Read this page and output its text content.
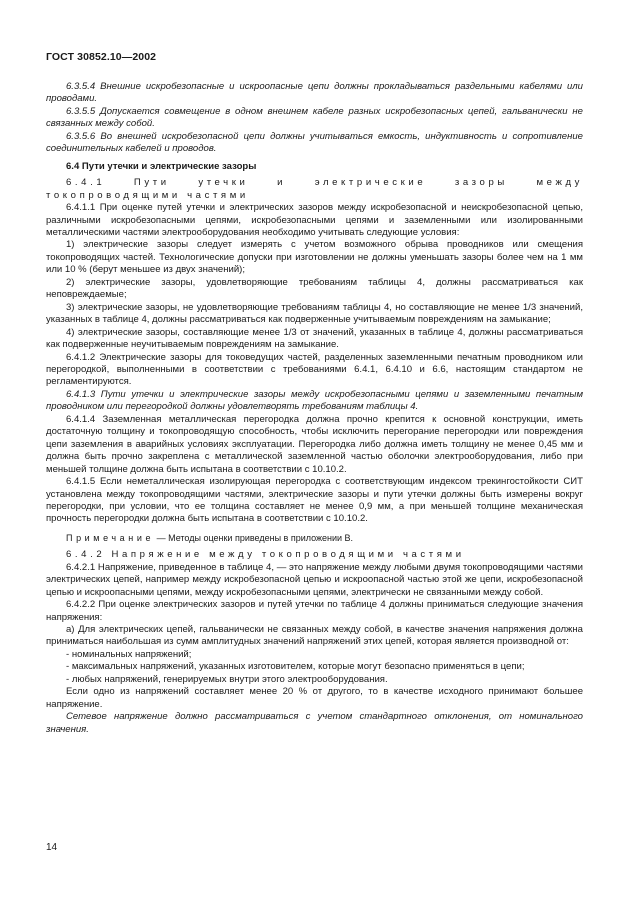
ГОСТ 30852.10—2002

6.3.5.4 Внешние искробезопасные и искроопасные цепи должны прокладываться раздельными кабелями или проводами.

6.3.5.5 Допускается совмещение в одном внешнем кабеле разных искробезопасных цепей, гальванически не связанных между собой.

6.3.5.6 Во внешней искробезопасной цепи должны учитываться емкость, индуктивность и сопротивление соединительных кабелей и проводов.

6.4 Пути утечки и электрические зазоры

6.4.1 Пути утечки и электрические зазоры между токопроводящими частями

6.4.1.1 При оценке путей утечки и электрических зазоров между искробезопасной и неискробезопасной цепью, различными искробезопасными цепями, искробезопасными цепями и заземленными или изолированными металлическими частями электрооборудования необходимо учитывать следующие условия:

1) электрические зазоры следует измерять с учетом возможного обрыва проводников или смещения токопроводящих частей. Технологические допуски при изготовлении не должны уменьшать зазоры более чем на 1 мм или 10 % (берут меньшее из двух значений);

2) электрические зазоры, удовлетворяющие требованиям таблицы 4, должны рассматриваться как неповреждаемые;

3) электрические зазоры, не удовлетворяющие требованиям таблицы 4, но составляющие не менее 1/3 значений, указанных в таблице 4, должны рассматриваться как подверженные учитываемым повреждениям на замыкание;

4) электрические зазоры, составляющие менее 1/3 от значений, указанных в таблице 4, должны рассматриваться как подверженные неучитываемым повреждениям на замыкание.

6.4.1.2 Электрические зазоры для токоведущих частей, разделенных заземленными печатным проводником или перегородкой, выполненными в соответствии с требованиями 6.4.1, 6.4.10 и 6.6, настоящим стандартом не регламентируются.

6.4.1.3 Пути утечки и электрические зазоры между искробезопасными цепями и заземленными печатным проводником или перегородкой должны удовлетворять требованиям таблицы 4.

6.4.1.4 Заземленная металлическая перегородка должна прочно крепится к основной конструкции, иметь достаточную толщину и токопроводящую способность, чтобы исключить перегорание перегородки или повреждения цепи заземления в аварийных условиях эксплуатации. Перегородка либо должна иметь толщину не менее 0,45 мм и должна быть прочно закреплена с металлической заземленной частью оболочки электрооборудования, либо при меньшей толщине должна быть испытана в соответствии с 10.10.2.

6.4.1.5 Если неметаллическая изолирующая перегородка с соответствующим индексом трекингостойкости СИТ установлена между токопроводящими частями, электрические зазоры и пути утечки должны быть измерены вокруг перегородки, при условии, что ее толщина составляет не менее 0,9 мм, а при меньшей толщине механическая прочность перегородки должна быть испытана в соответствии с 10.10.2.

Примечание — Методы оценки приведены в приложении В.

6.4.2 Напряжение между токопроводящими частями

6.4.2.1 Напряжение, приведенное в таблице 4, — это напряжение между любыми двумя токопроводящими частями электрических цепей, например между искробезопасной цепью и искроопасной частью этой же цепи, искробезопасной цепью и искроопасными цепями, между искробезопасными цепями, электрически не связанными между собой.

6.4.2.2 При оценке электрических зазоров и путей утечки по таблице 4 должны приниматься следующие значения напряжения:

а) Для электрических цепей, гальванически не связанных между собой, в качестве значения напряжения должна приниматься наибольшая из сумм амплитудных значений напряжений этих цепей, которая является производной от:

- номинальных напряжений;

- максимальных напряжений, указанных изготовителем, которые могут безопасно применяться в цепи;

- любых напряжений, генерируемых внутри этого электрооборудования.

Если одно из напряжений составляет менее 20 % от другого, то в качестве исходного принимают большее напряжение.

Сетевое напряжение должно рассматриваться с учетом стандартного отклонения, от номинального значения.

14
